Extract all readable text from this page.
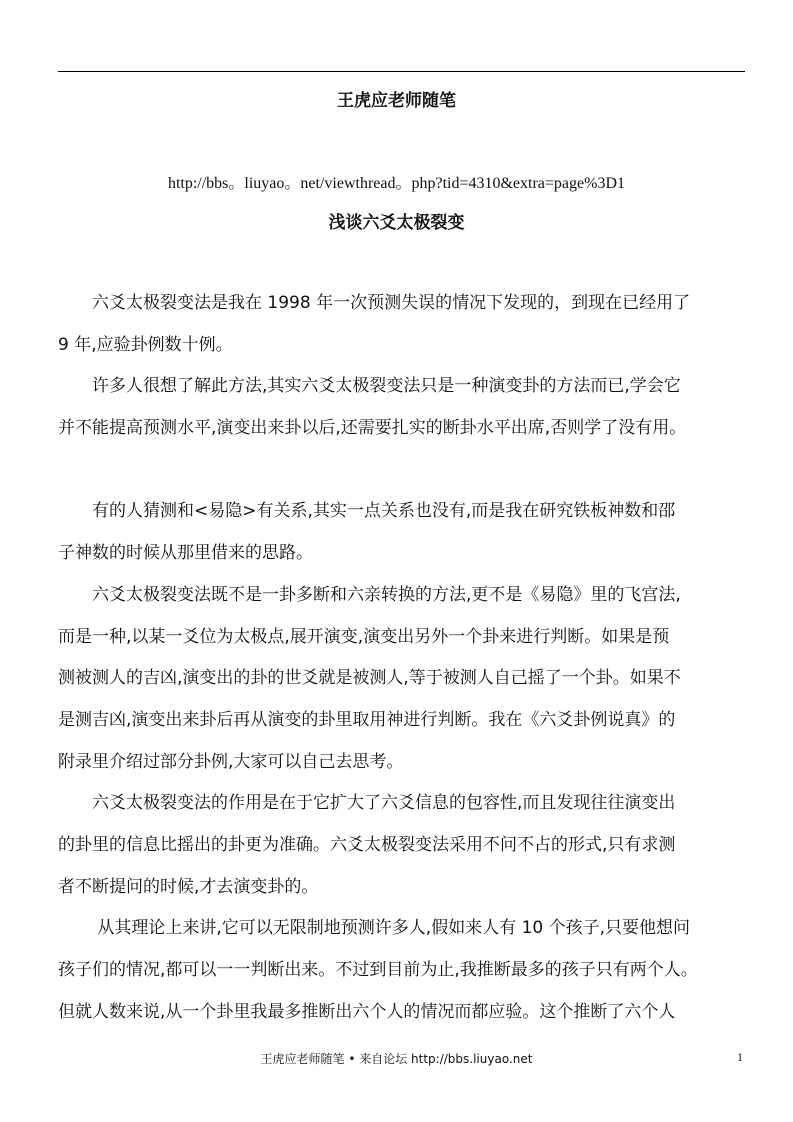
王虎应老师随笔
http://bbs。liuyao。net/viewthread。php?tid=4310&extra=page%3D1
浅谈六爻太极裂变
　　六爻太极裂变法是我在 1998 年一次预测失误的情况下发现的，到现在已经用了
9 年,应验卦例数十例。
　　许多人很想了解此方法,其实六爻太极裂变法只是一种演变卦的方法而已,学会它
并不能提高预测水平,演变出来卦以后,还需要扎实的断卦水平出席,否则学了没有用。
　　有的人猜测和<易隐>有关系,其实一点关系也没有,而是我在研究铁板神数和邵
子神数的时候从那里借来的思路。
　　六爻太极裂变法既不是一卦多断和六亲转换的方法,更不是《易隐》里的飞宫法,
而是一种,以某一爻位为太极点,展开演变,演变出另外一个卦来进行判断。如果是预
测被测人的吉凶,演变出的卦的世爻就是被测人,等于被测人自己摇了一个卦。如果不
是测吉凶,演变出来卦后再从演变的卦里取用神进行判断。我在《六爻卦例说真》的
附录里介绍过部分卦例,大家可以自己去思考。
　　六爻太极裂变法的作用是在于它扩大了六爻信息的包容性,而且发现往往演变出
的卦里的信息比摇出的卦更为准确。六爻太极裂变法采用不问不占的形式,只有求测
者不断提问的时候,才去演变卦的。
　　 从其理论上来讲,它可以无限制地预测许多人,假如来人有 10 个孩子,只要他想问
孩子们的情况,都可以一一判断出来。不过到目前为止,我推断最多的孩子只有两个人。
但就人数来说,从一个卦里我最多推断出六个人的情况而都应验。这个推断了六个人
王虎应老师随笔 • 来自论坛 http://bbs.liuyao.net	1
